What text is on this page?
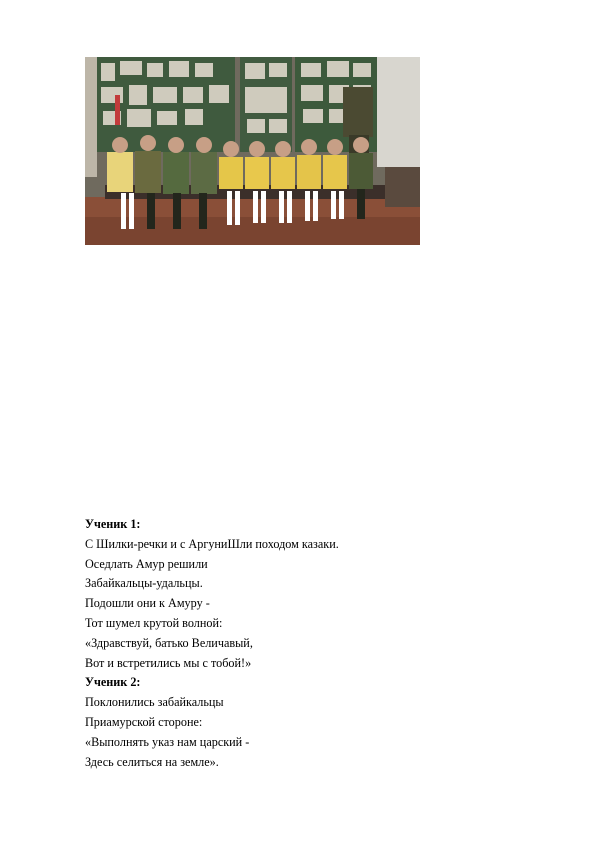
Ученик 1:
С Шилки-речки и с АргуниШли походом казаки.
Оседлать Амур решили
Забайкальцы-удальцы.
Подошли они к Амуру -
Тот шумел крутой волной:
«Здравствуй, батько Величавый,
Вот и встретились мы с тобой!»
Ученик 2:
Поклонились забайкальцы
Приамурской стороне:
«Выполнять указ нам царский -
Здесь селиться на земле».
